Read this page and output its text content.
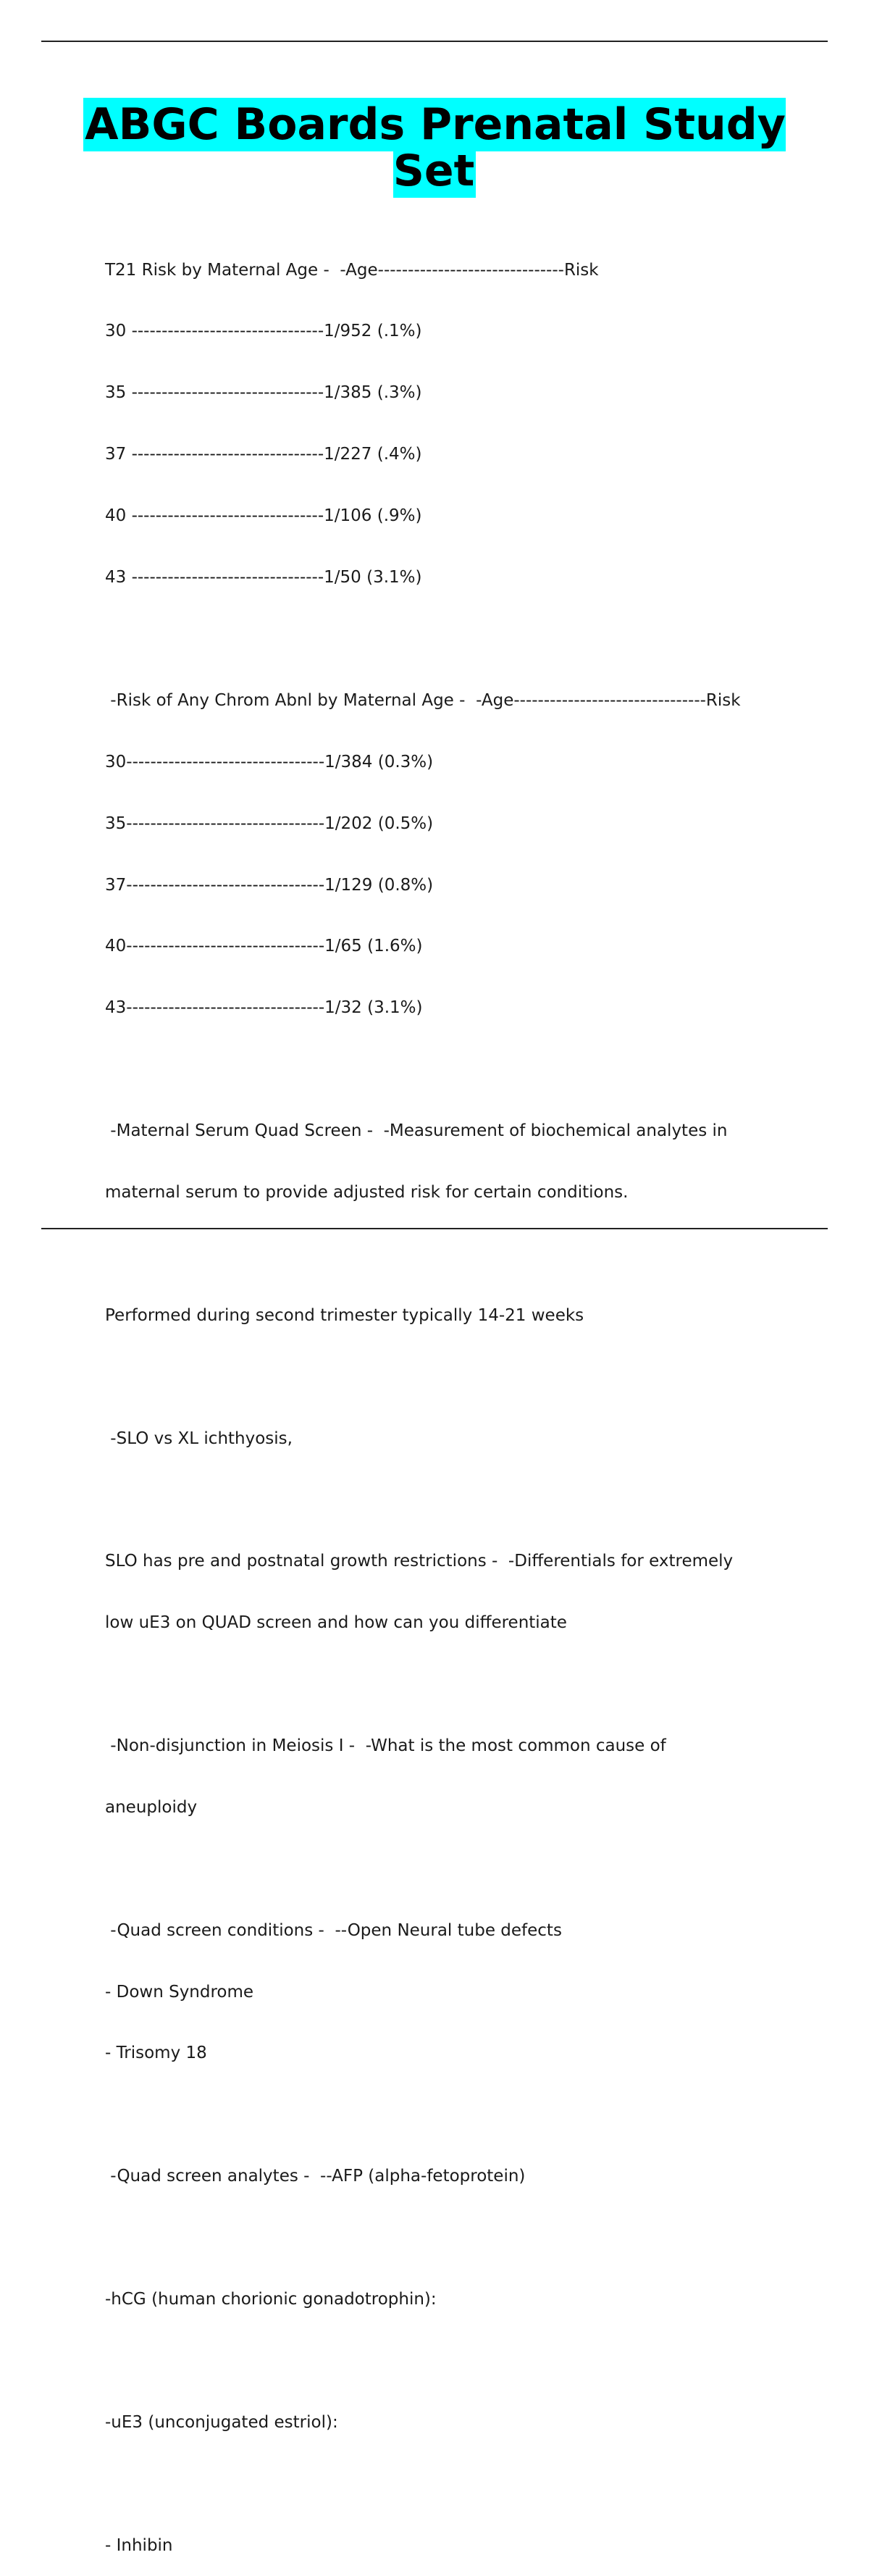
ABGC Boards Prenatal Study Set

T21 Risk by Maternal Age -  -Age-------------------------------Risk

30 --------------------------------1/952 (.1%)

35 --------------------------------1/385 (.3%)

37 --------------------------------1/227 (.4%)

40 --------------------------------1/106 (.9%)

43 --------------------------------1/50 (3.1%)

-Risk of Any Chrom Abnl by Maternal Age -  -Age--------------------------------Risk

30---------------------------------1/384 (0.3%)

35---------------------------------1/202 (0.5%)

37---------------------------------1/129 (0.8%)

40---------------------------------1/65 (1.6%)

43---------------------------------1/32 (3.1%)

-Maternal Serum Quad Screen -  -Measurement of biochemical analytes in

maternal serum to provide adjusted risk for certain conditions.

Performed during second trimester typically 14-21 weeks

-SLO vs XL ichthyosis,

SLO has pre and postnatal growth restrictions -  -Differentials for extremely

low uE3 on QUAD screen and how can you differentiate

-Non-disjunction in Meiosis I -  -What is the most common cause of

aneuploidy

-Quad screen conditions -  --Open Neural tube defects

- Down Syndrome

- Trisomy 18

-Quad screen analytes -  --AFP (alpha-fetoprotein)

-hCG (human chorionic gonadotrophin):

-uE3 (unconjugated estriol):

- Inhibin
